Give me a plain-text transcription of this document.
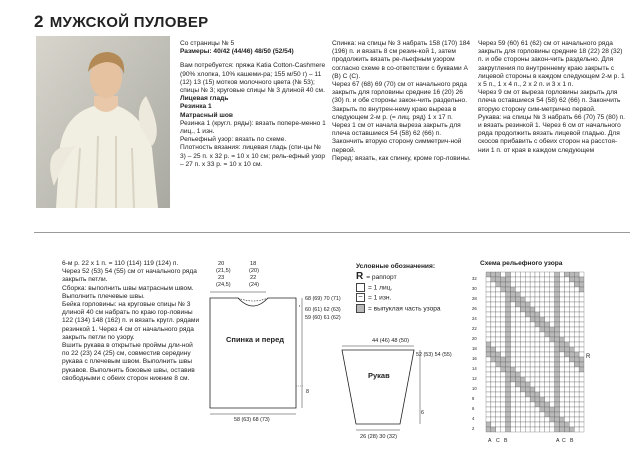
2 МУЖСКОЙ ПУЛОВЕР

Со страницы № 5

Размеры: 40/42 (44/46) 48/50 (52/54)

Вам потребуется: пряжа Katia Cotton-Cashmere (90% хлопка, 10% кашеми-ра; 155 м/50 г) – 11 (12) 13 (15) мотков молочного цвета (№ 53); спицы № 3; круговые спицы № 3 длиной 40 см.

Лицевая гладь

Резинка 1

Матрасный шов

Резинка 1 (кругл. ряды): вязать попере-менно 1 лиц., 1 изн.

Рельефный узор: вязать по схеме.

Плотность вязания: лицевая гладь (спи-цы № 3) – 25 п. х 32 р. = 10 х 10 см; рель-ефный узор – 27 п. х 33 р. = 10 х 10 см.

Спинка: на спицы № 3 набрать 158 (170) 184 (196) п. и вязать 8 см резин-кой 1, затем продолжить вязать ре-льефным узором согласно схеме в со-ответствии с буквами А (В) С (С).

Через 67 (68) 69 (70) см от начального ряда закрыть для горловины средние 16 (20) 26 (30) п. и обе стороны закон-чить раздельно. Закрыть по внутрен-нему краю выреза в следующем 2-м р. (= лиц. ряд) 1 х 17 п.

Через 1 см от начала выреза закрыть для плеча оставшиеся 54 (58) 62 (66) п. Закончить вторую сторону симметрич-ной первой.

Перед: вязать, как спинку, кроме гор-ловины.

Через 59 (60) 61 (62) см от начального ряда закрыть для горловины средние 18 (22) 28 (32) п. и обе стороны закон-чить раздельно. Для закругления по внутреннему краю закрыть с лицевой стороны в каждом следующем 2-м р. 1 х 5 п., 1 х 4 п., 2 х 2 п. и 3 х 1 п.

Через 9 см от выреза горловины закрыть для плеча оставшиеся 54 (58) 62 (66) п. Закончить вторую сторону сим-метрично первой.

Рукава: на спицы № 3 набрать 66 (70) 75 (80) п. и вязать резинкой 1. Через 6 см от начального ряда продолжить вязать лицевой гладью. Для скосов прибавить с обеих сторон на расстоя-нии 1 п. от края в каждом следующем

6-м р. 22 х 1 п. = 110 (114) 119 (124) п.

Через 52 (53) 54 (55) см от начального ряда закрыть петли.

Сборка: выполнить швы матрасным швом. Выполнить плечевые швы.

Бейка горловины: на круговые спицы № 3 длиной 40 см набрать по краю гор-ловины 122 (134) 148 (162) п. и вязать кругл. рядами резинкой 1. Через 4 см от начального ряда закрыть петли по узору.

Вшить рукава в открытые проймы дли-ной по 22 (23) 24 (25) см, совместив середину рукава с плечевым швом. Выполнить швы рукавов. Выполнить боковые швы, оставив свободными с обеих сторон нижние 8 см.

20
(21,5)
23
(24,5)
18
(20)
22
(24)
Спинка и перед
68 (69) 70 (71)
60 (61) 62 (63)
59 (60) 61 (62)
8
58 (63) 68 (73)
Условные обозначения:
R = раппорт
= 1 лиц.
– = 1 изн.
= выпуклая часть узора
44 (46) 48 (50)
Рукав
52 (53) 54 (55)
6
26 (28) 30 (32)
Схема рельефного узора
32
30
28
26
24
22
20
18
16
14
12
10
8
6
4
2
A C B	A C B
R
